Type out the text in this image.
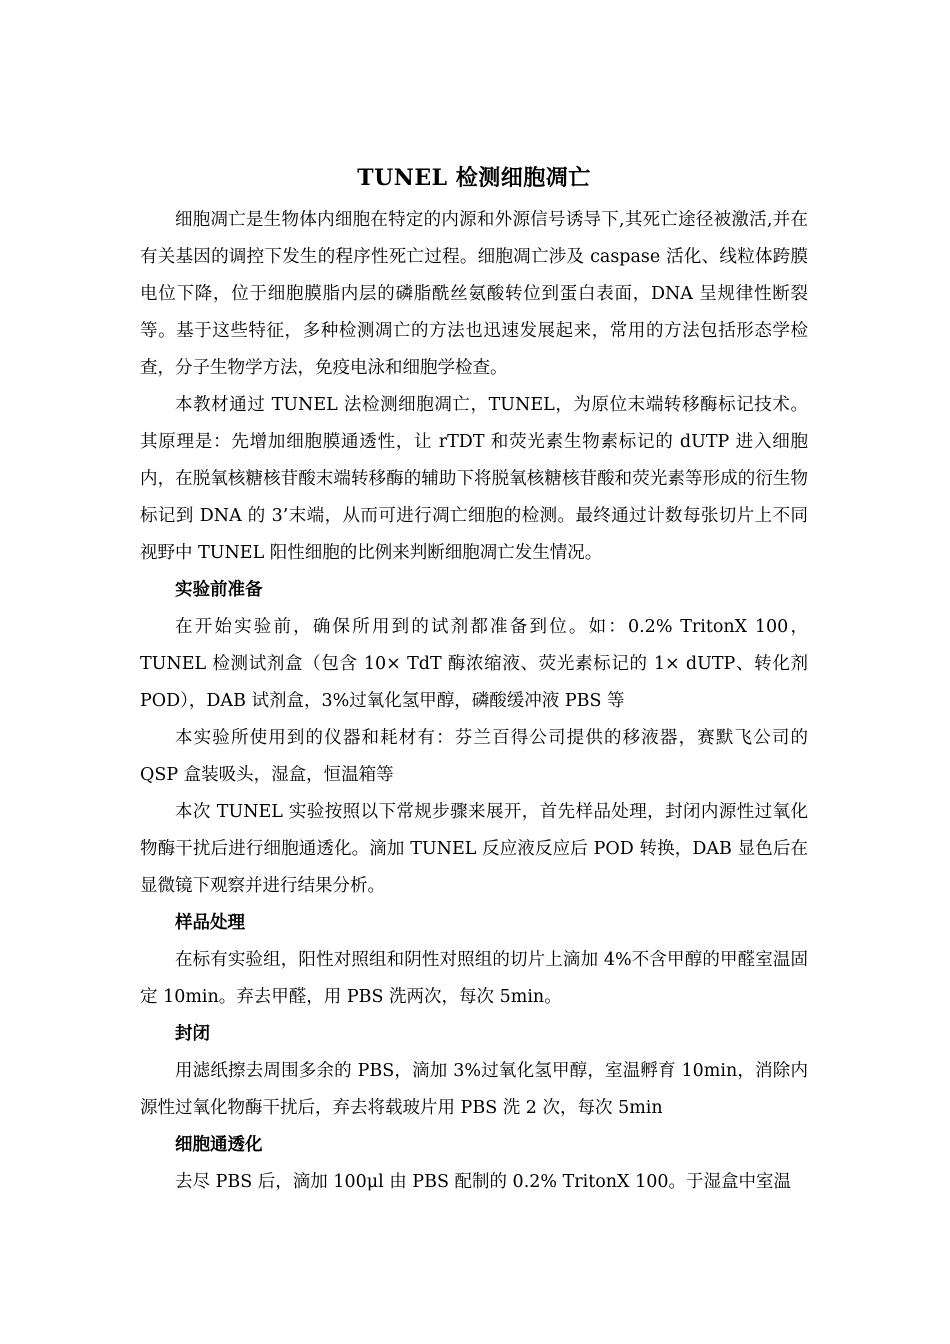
TUNEL 检测细胞凋亡

细胞凋亡是生物体内细胞在特定的内源和外源信号诱导下,其死亡途径被激活,并在有关基因的调控下发生的程序性死亡过程。细胞凋亡涉及 caspase 活化、线粒体跨膜电位下降，位于细胞膜脂内层的磷脂酰丝氨酸转位到蛋白表面，DNA 呈规律性断裂等。基于这些特征，多种检测凋亡的方法也迅速发展起来，常用的方法包括形态学检查，分子生物学方法，免疫电泳和细胞学检查。

本教材通过 TUNEL 法检测细胞凋亡，TUNEL，为原位末端转移酶标记技术。其原理是：先增加细胞膜通透性，让 rTDT 和荧光素生物素标记的 dUTP 进入细胞内，在脱氧核糖核苷酸末端转移酶的辅助下将脱氧核糖核苷酸和荧光素等形成的衍生物标记到 DNA 的 3’末端，从而可进行凋亡细胞的检测。最终通过计数每张切片上不同视野中 TUNEL 阳性细胞的比例来判断细胞凋亡发生情况。

实验前准备

在开始实验前，确保所用到的试剂都准备到位。如：0.2% TritonX 100，TUNEL 检测试剂盒（包含 10× TdT 酶浓缩液、荧光素标记的 1× dUTP、转化剂 POD），DAB 试剂盒，3%过氧化氢甲醇，磷酸缓冲液 PBS 等

本实验所使用到的仪器和耗材有：芬兰百得公司提供的移液器，赛默飞公司的 QSP 盒装吸头，湿盒，恒温箱等

本次 TUNEL 实验按照以下常规步骤来展开，首先样品处理，封闭内源性过氧化物酶干扰后进行细胞通透化。滴加 TUNEL 反应液反应后 POD 转换，DAB 显色后在显微镜下观察并进行结果分析。

样品处理

在标有实验组，阳性对照组和阴性对照组的切片上滴加 4%不含甲醇的甲醛室温固定 10min。弃去甲醛，用 PBS 洗两次，每次 5min。

封闭

用滤纸擦去周围多余的 PBS，滴加 3%过氧化氢甲醇，室温孵育 10min，消除内源性过氧化物酶干扰后，弃去将载玻片用 PBS 洗 2 次，每次 5min

细胞通透化

去尽 PBS 后，滴加 100μl 由 PBS 配制的 0.2% TritonX 100。于湿盒中室温
